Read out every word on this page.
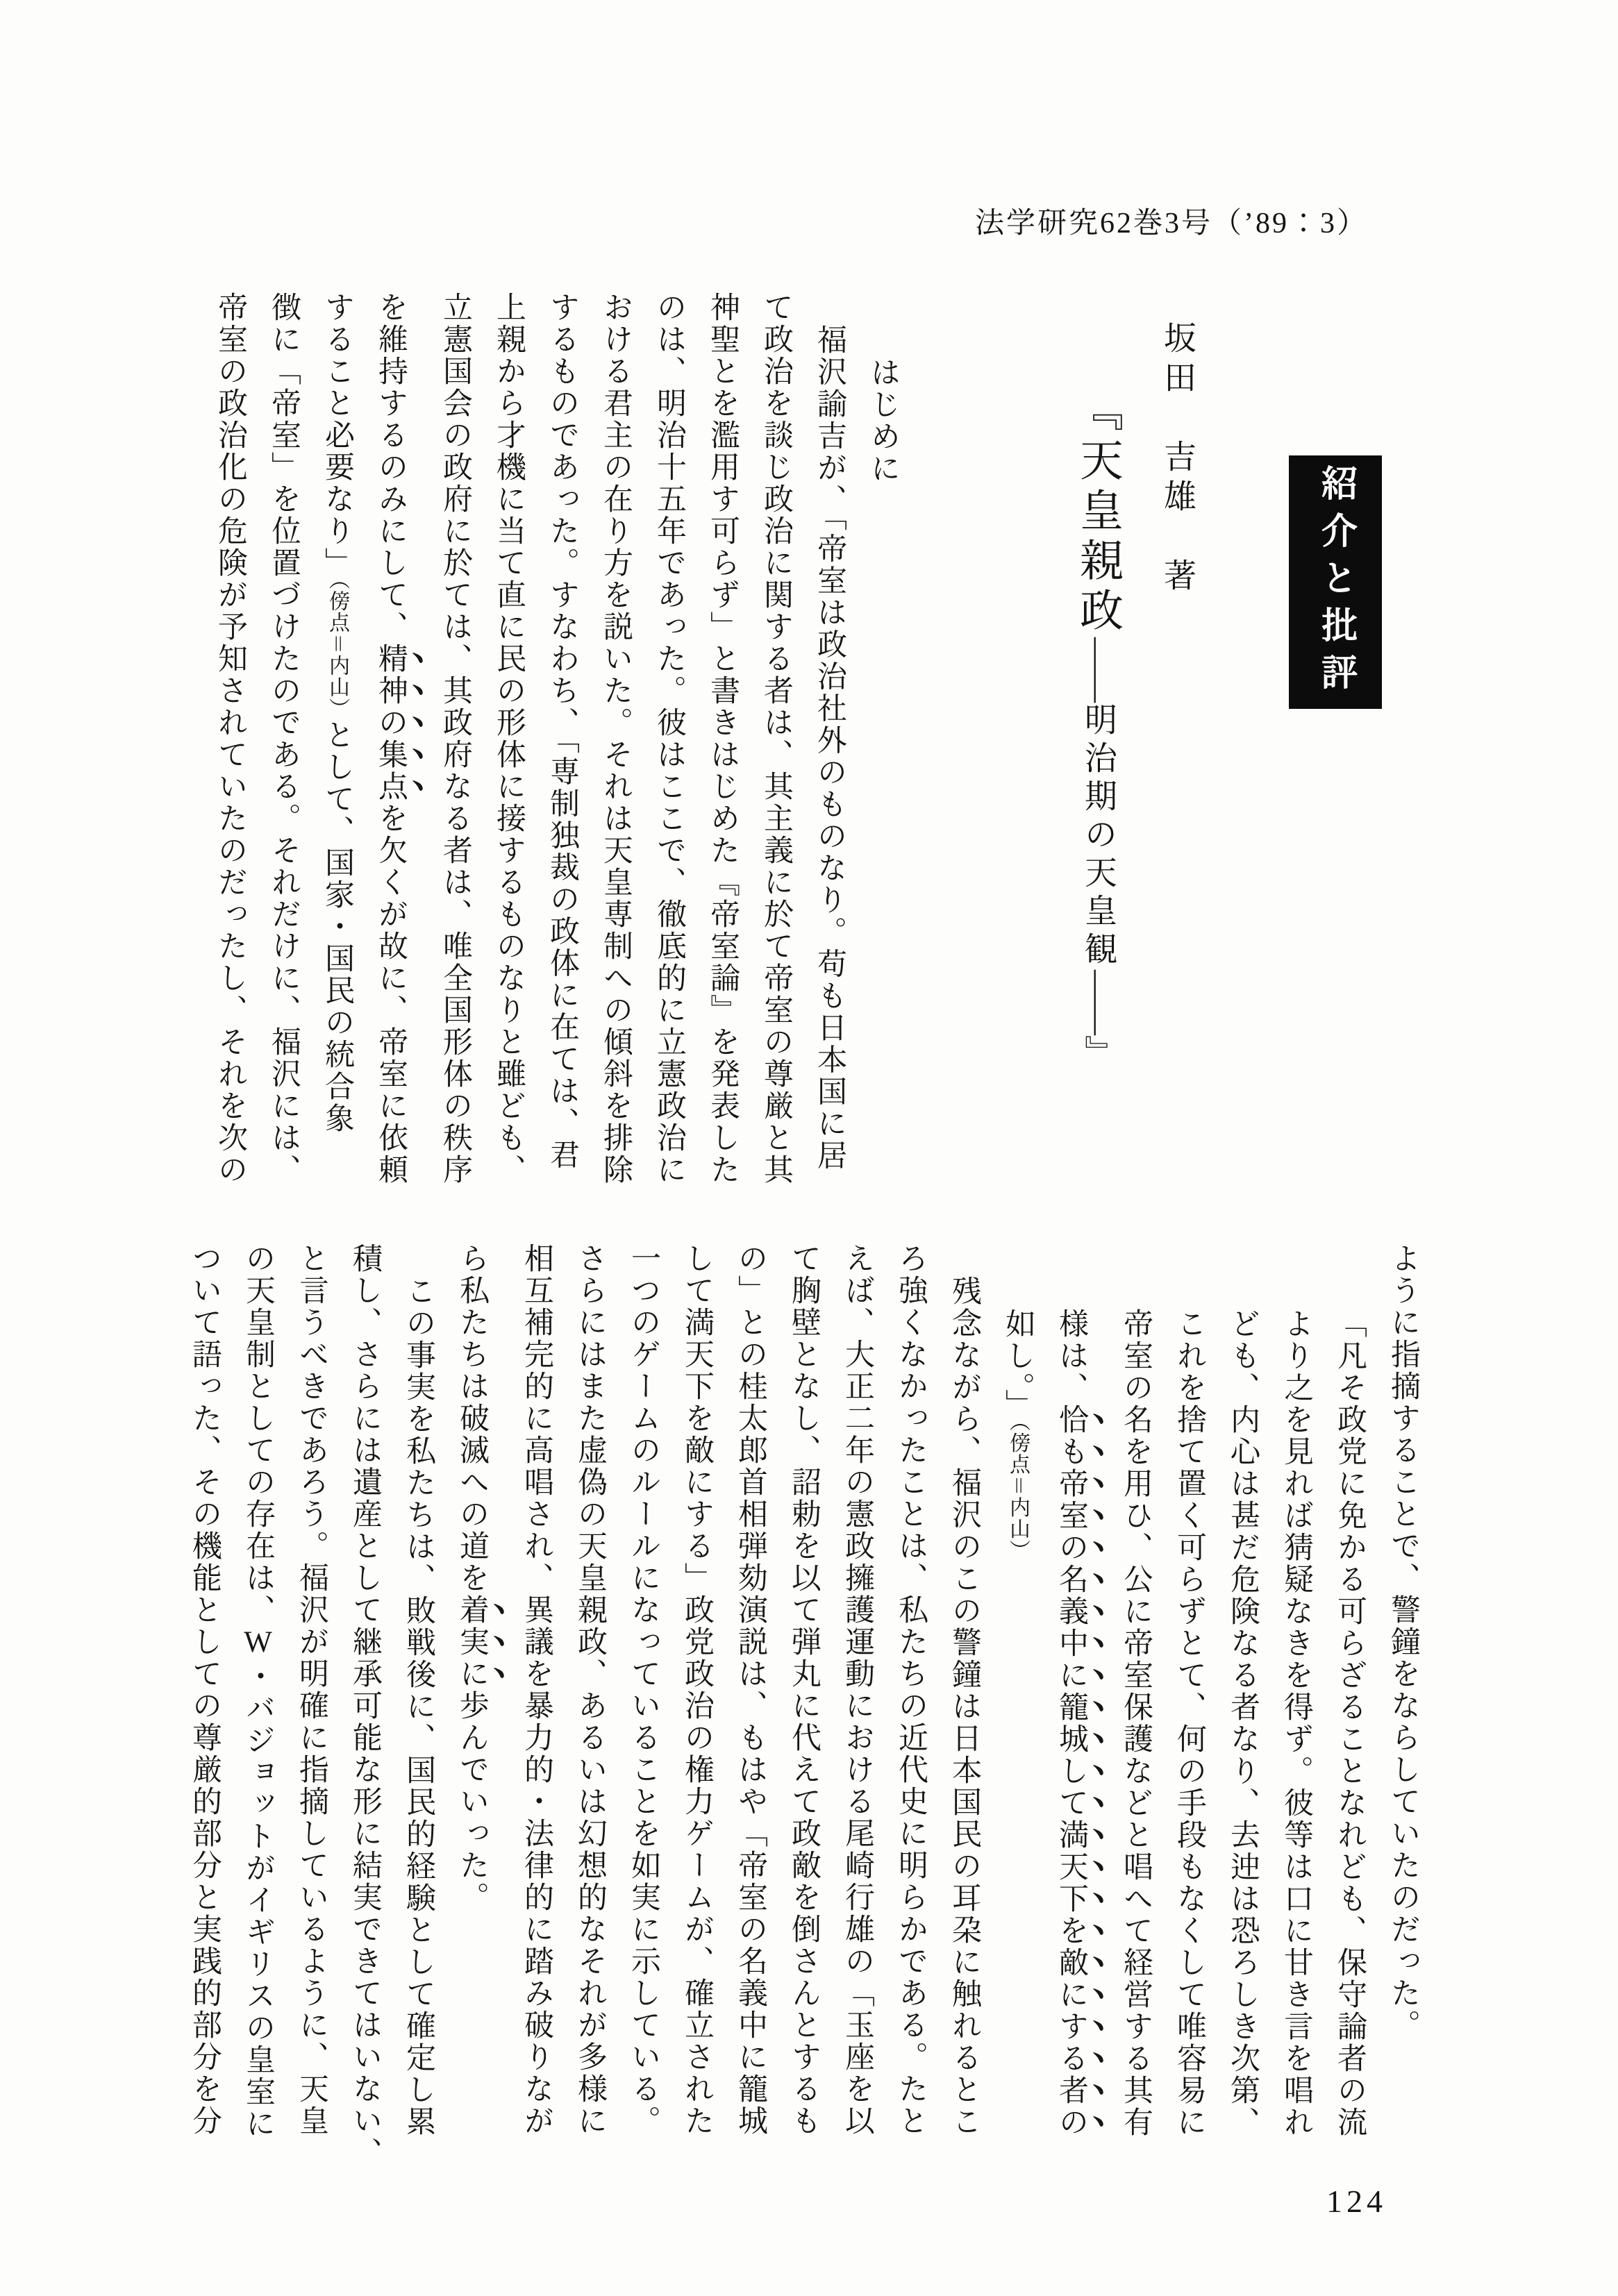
法学研究62巻3号（’89：3）
紹介と批評
坂田　吉雄　著
『天皇親政――明治期の天皇観――』
はじめに
福沢諭吉が、「帝室は政治社外のものなり。苟も日本国に居
て政治を談じ政治に関する者は、其主義に於て帝室の尊厳と其
神聖とを濫用す可らず」と書きはじめた『帝室論』を発表した
のは、明治十五年であった。彼はここで、徹底的に立憲政治に
おける君主の在り方を説いた。それは天皇専制への傾斜を排除
するものであった。すなわち、「専制独裁の政体に在ては、君
上親から才機に当て直に民の形体に接するものなりと雖ども、
立憲国会の政府に於ては、其政府なる者は、唯全国形体の秩序
を維持するのみにして、精神の集点を欠くが故に、帝室に依頼
すること必要なり」（傍点＝内山）として、国家・国民の統合象
徴に「帝室」を位置づけたのである。それだけに、福沢には、
帝室の政治化の危険が予知されていたのだったし、それを次の
ように指摘することで、警鐘をならしていたのだった。
「凡そ政党に免かる可らざることなれども、保守論者の流
より之を見れば猜疑なきを得ず。彼等は口に甘き言を唱れ
ども、内心は甚だ危険なる者なり、去迚は恐ろしき次第、
これを捨て置く可らずとて、何の手段もなくして唯容易に
帝室の名を用ひ、公に帝室保護などと唱へて経営する其有
様は、恰も帝室の名義中に籠城して満天下を敵にする者の
如し。」（傍点＝内山）
残念ながら、福沢のこの警鐘は日本国民の耳朶に触れるとこ
ろ強くなかったことは、私たちの近代史に明らかである。たと
えば、大正二年の憲政擁護運動における尾崎行雄の「玉座を以
て胸壁となし、詔勅を以て弾丸に代えて政敵を倒さんとするも
の」との桂太郎首相弾劾演説は、もはや「帝室の名義中に籠城
して満天下を敵にする」政党政治の権力ゲームが、確立された
一つのゲームのルールになっていることを如実に示している。
さらにはまた虚偽の天皇親政、あるいは幻想的なそれが多様に
相互補完的に高唱され、異議を暴力的・法律的に踏み破りなが
ら私たちは破滅への道を着実に歩んでいった。
この事実を私たちは、敗戦後に、国民的経験として確定し累
積し、さらには遺産として継承可能な形に結実できてはいない、
と言うべきであろう。福沢が明確に指摘しているように、天皇
の天皇制としての存在は、W・バジョットがイギリスの皇室に
ついて語った、その機能としての尊厳的部分と実践的部分を分
124
